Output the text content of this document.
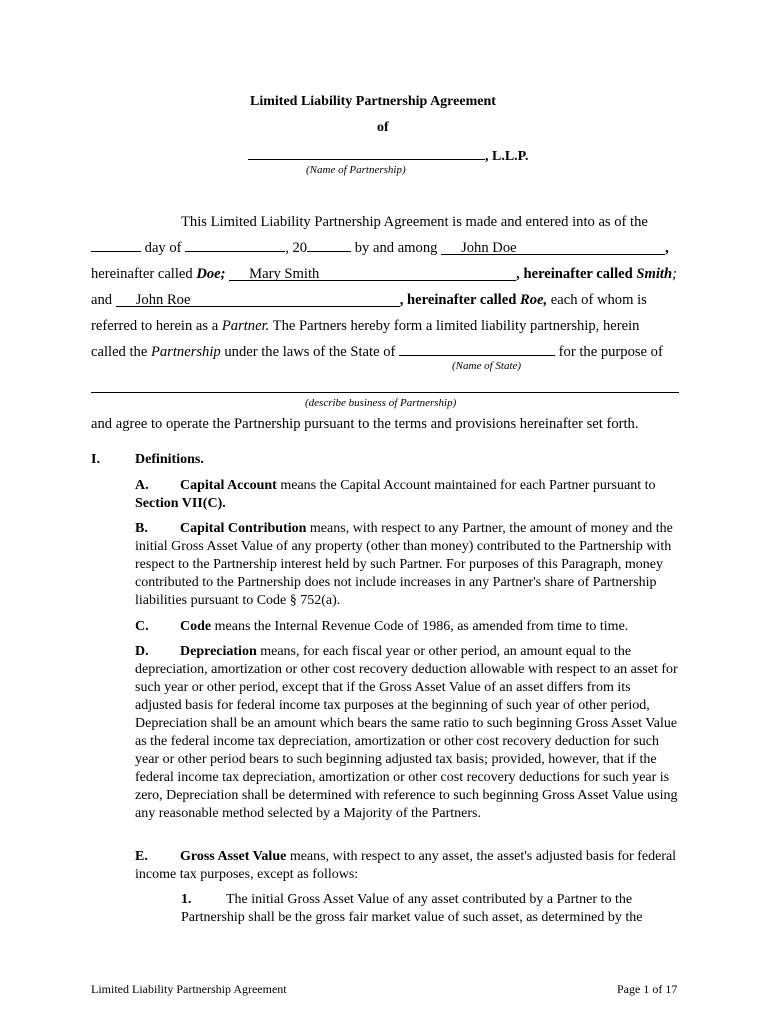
Limited Liability Partnership Agreement
of
, L.L.P.
(Name of Partnership)
This Limited Liability Partnership Agreement is made and entered into as of the
day of	, 20	by and among John Doe	,
hereinafter called Doe; Mary Smith	, hereinafter called Smith;
and John Roe	, hereinafter called Roe, each of whom is
referred to herein as a Partner. The Partners hereby form a limited liability partnership, herein
called the Partnership under the laws of the State of	for the purpose of
(Name of State)
(describe business of Partnership)
and agree to operate the Partnership pursuant to the terms and provisions hereinafter set forth.
I.	Definitions.
A. Capital Account means the Capital Account maintained for each Partner pursuant to Section VII(C).
B. Capital Contribution means, with respect to any Partner, the amount of money and the initial Gross Asset Value of any property (other than money) contributed to the Partnership with respect to the Partnership interest held by such Partner. For purposes of this Paragraph, money contributed to the Partnership does not include increases in any Partner's share of Partnership liabilities pursuant to Code § 752(a).
C. Code means the Internal Revenue Code of 1986, as amended from time to time.
D. Depreciation means, for each fiscal year or other period, an amount equal to the depreciation, amortization or other cost recovery deduction allowable with respect to an asset for such year or other period, except that if the Gross Asset Value of an asset differs from its adjusted basis for federal income tax purposes at the beginning of such year of other period, Depreciation shall be an amount which bears the same ratio to such beginning Gross Asset Value as the federal income tax depreciation, amortization or other cost recovery deduction for such year or other period bears to such beginning adjusted tax basis; provided, however, that if the federal income tax depreciation, amortization or other cost recovery deductions for such year is zero, Depreciation shall be determined with reference to such beginning Gross Asset Value using any reasonable method selected by a Majority of the Partners.
E. Gross Asset Value means, with respect to any asset, the asset's adjusted basis for federal income tax purposes, except as follows:
1. The initial Gross Asset Value of any asset contributed by a Partner to the Partnership shall be the gross fair market value of such asset, as determined by the
Limited Liability Partnership Agreement	Page 1 of 17
